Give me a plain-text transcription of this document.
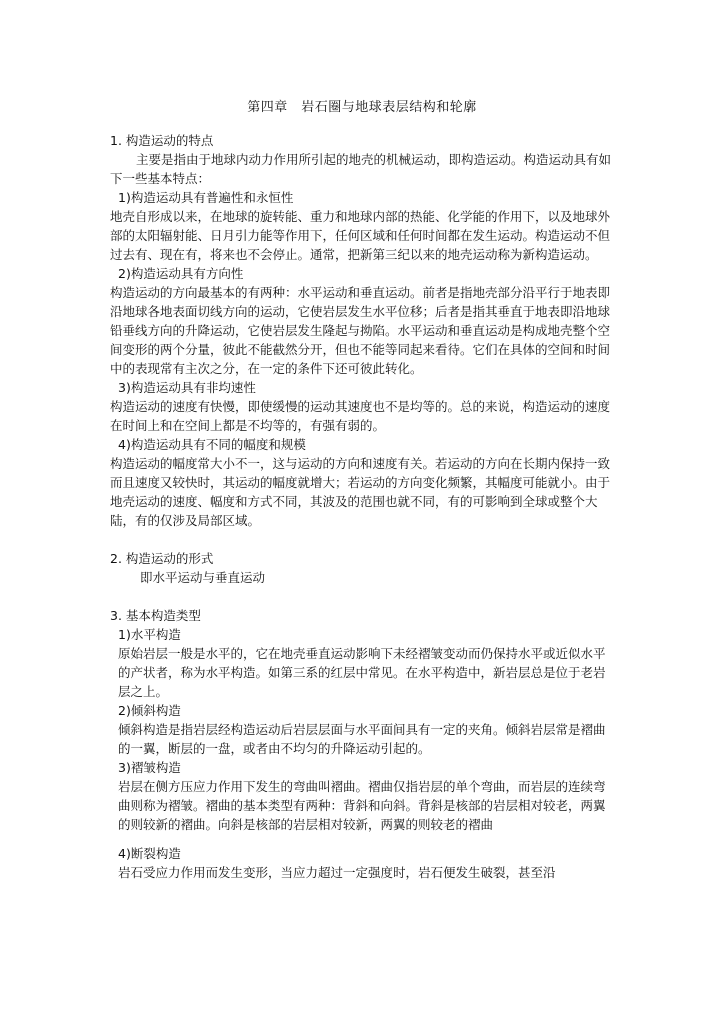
第四章　岩石圈与地球表层结构和轮廓

1. 构造运动的特点

主要是指由于地球内动力作用所引起的地壳的机械运动，即构造运动。构造运动具有如下一些基本特点：

1)构造运动具有普遍性和永恒性

地壳自形成以来，在地球的旋转能、重力和地球内部的热能、化学能的作用下，以及地球外部的太阳辐射能、日月引力能等作用下，任何区域和任何时间都在发生运动。构造运动不但过去有、现在有，将来也不会停止。通常，把新第三纪以来的地壳运动称为新构造运动。

2)构造运动具有方向性

构造运动的方向最基本的有两种：水平运动和垂直运动。前者是指地壳部分沿平行于地表即沿地球各地表面切线方向的运动，它使岩层发生水平位移；后者是指其垂直于地表即沿地球铅垂线方向的升降运动，它使岩层发生隆起与拗陷。水平运动和垂直运动是构成地壳整个空间变形的两个分量，彼此不能截然分开，但也不能等同起来看待。它们在具体的空间和时间中的表现常有主次之分，在一定的条件下还可彼此转化。

3)构造运动具有非均速性

构造运动的速度有快慢，即使缓慢的运动其速度也不是均等的。总的来说，构造运动的速度在时间上和在空间上都是不均等的，有强有弱的。

4)构造运动具有不同的幅度和规模

构造运动的幅度常大小不一，这与运动的方向和速度有关。若运动的方向在长期内保持一致而且速度又较快时，其运动的幅度就增大；若运动的方向变化频繁，其幅度可能就小。由于地壳运动的速度、幅度和方式不同，其波及的范围也就不同，有的可影响到全球或整个大陆，有的仅涉及局部区域。

2. 构造运动的形式

即水平运动与垂直运动

3. 基本构造类型

1)水平构造

原始岩层一般是水平的，它在地壳垂直运动影响下未经褶皱变动而仍保持水平或近似水平的产状者，称为水平构造。如第三系的红层中常见。在水平构造中，新岩层总是位于老岩层之上。

2)倾斜构造

倾斜构造是指岩层经构造运动后岩层层面与水平面间具有一定的夹角。倾斜岩层常是褶曲的一翼，断层的一盘，或者由不均匀的升降运动引起的。

3)褶皱构造

岩层在侧方压应力作用下发生的弯曲叫褶曲。褶曲仅指岩层的单个弯曲，而岩层的连续弯曲则称为褶皱。褶曲的基本类型有两种：背斜和向斜。背斜是核部的岩层相对较老，两翼的则较新的褶曲。向斜是核部的岩层相对较新，两翼的则较老的褶曲

4)断裂构造

岩石受应力作用而发生变形，当应力超过一定强度时，岩石便发生破裂，甚至沿
